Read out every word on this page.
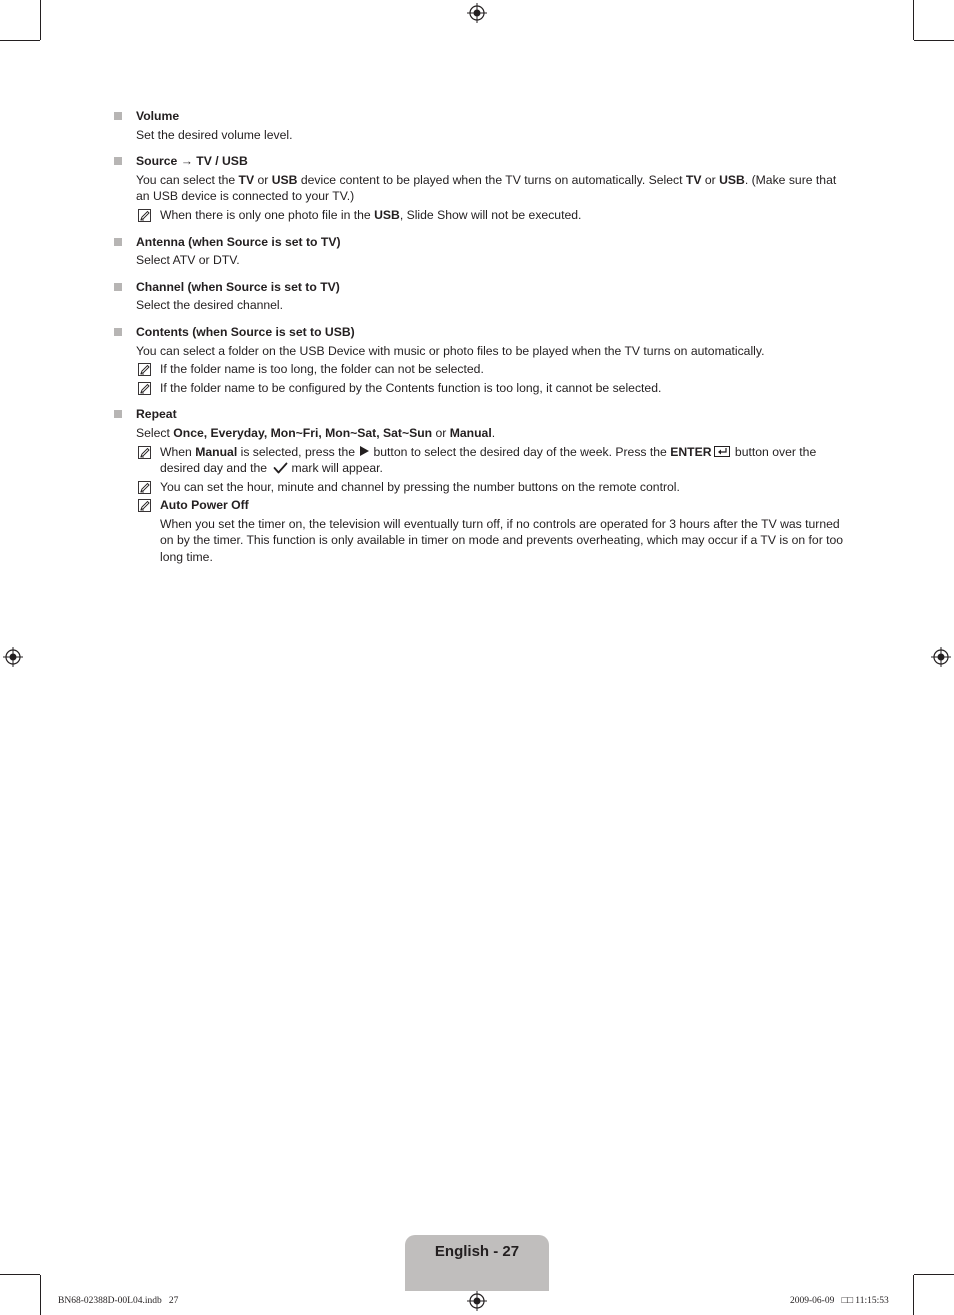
Volume
Set the desired volume level.
Source → TV / USB
You can select the TV or USB device content to be played when the TV turns on automatically. Select TV or USB. (Make sure that an USB device is connected to your TV.)
When there is only one photo file in the USB, Slide Show will not be executed.
Antenna (when Source is set to TV)
Select ATV or DTV.
Channel (when Source is set to TV)
Select the desired channel.
Contents (when Source is set to USB)
You can select a folder on the USB Device with music or photo files to be played when the TV turns on automatically.
If the folder name is too long, the folder can not be selected.
If the folder name to be configured by the Contents function is too long, it cannot be selected.
Repeat
Select Once, Everyday, Mon~Fri, Mon~Sat, Sat~Sun or Manual.
When Manual is selected, press the button to select the desired day of the week. Press the ENTER button over the desired day and the mark will appear.
You can set the hour, minute and channel by pressing the number buttons on the remote control.
Auto Power Off
When you set the timer on, the television will eventually turn off, if no controls are operated for 3 hours after the TV was turned on by the timer. This function is only available in timer on mode and prevents overheating, which may occur if a TV is on for too long time.
English - 27
BN68-02388D-00L04.indb   27	2009-06-09   □□ 11:15:53
